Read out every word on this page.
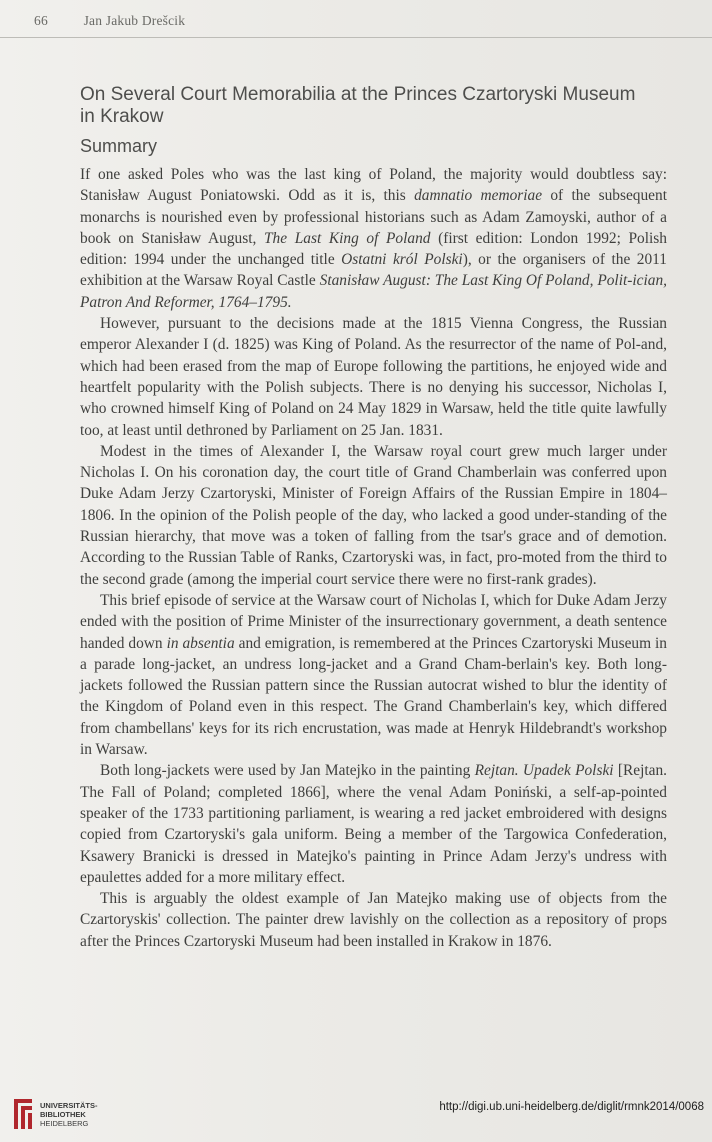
66	Jan Jakub Drešcik
On Several Court Memorabilia at the Princes Czartoryski Museum in Krakow
Summary

If one asked Poles who was the last king of Poland, the majority would doubtless say: Stanisław August Poniatowski. Odd as it is, this damnatio memoriae of the subsequent monarchs is nourished even by professional historians such as Adam Zamoyski, author of a book on Stanisław August, The Last King of Poland (first edition: London 1992; Polish edition: 1994 under the unchanged title Ostatni król Polski), or the organisers of the 2011 exhibition at the Warsaw Royal Castle Stanisław August: The Last King Of Poland, Polit-ician, Patron And Reformer, 1764–1795.

However, pursuant to the decisions made at the 1815 Vienna Congress, the Russian emperor Alexander I (d. 1825) was King of Poland. As the resurrector of the name of Pol-and, which had been erased from the map of Europe following the partitions, he enjoyed wide and heartfelt popularity with the Polish subjects. There is no denying his successor, Nicholas I, who crowned himself King of Poland on 24 May 1829 in Warsaw, held the title quite lawfully too, at least until dethroned by Parliament on 25 Jan. 1831.

Modest in the times of Alexander I, the Warsaw royal court grew much larger under Nicholas I. On his coronation day, the court title of Grand Chamberlain was conferred upon Duke Adam Jerzy Czartoryski, Minister of Foreign Affairs of the Russian Empire in 1804–1806. In the opinion of the Polish people of the day, who lacked a good under-standing of the Russian hierarchy, that move was a token of falling from the tsar's grace and of demotion. According to the Russian Table of Ranks, Czartoryski was, in fact, pro-moted from the third to the second grade (among the imperial court service there were no first-rank grades).

This brief episode of service at the Warsaw court of Nicholas I, which for Duke Adam Jerzy ended with the position of Prime Minister of the insurrectionary government, a death sentence handed down in absentia and emigration, is remembered at the Princes Czartoryski Museum in a parade long-jacket, an undress long-jacket and a Grand Cham-berlain's key. Both long-jackets followed the Russian pattern since the Russian autocrat wished to blur the identity of the Kingdom of Poland even in this respect. The Grand Chamberlain's key, which differed from chambellans' keys for its rich encrustation, was made at Henryk Hildebrandt's workshop in Warsaw.

Both long-jackets were used by Jan Matejko in the painting Rejtan. Upadek Polski [Rejtan. The Fall of Poland; completed 1866], where the venal Adam Poniński, a self-ap-pointed speaker of the 1733 partitioning parliament, is wearing a red jacket embroidered with designs copied from Czartoryski's gala uniform. Being a member of the Targowica Confederation, Ksawery Branicki is dressed in Matejko's painting in Prince Adam Jerzy's undress with epaulettes added for a more military effect.

This is arguably the oldest example of Jan Matejko making use of objects from the Czartoryskis' collection. The painter drew lavishly on the collection as a repository of props after the Princes Czartoryski Museum had been installed in Krakow in 1876.

UNIVERSITÄTS-
BIBLIOTHEK
HEIDELBERG
http://digi.ub.uni-heidelberg.de/diglit/rmnk2014/0068
